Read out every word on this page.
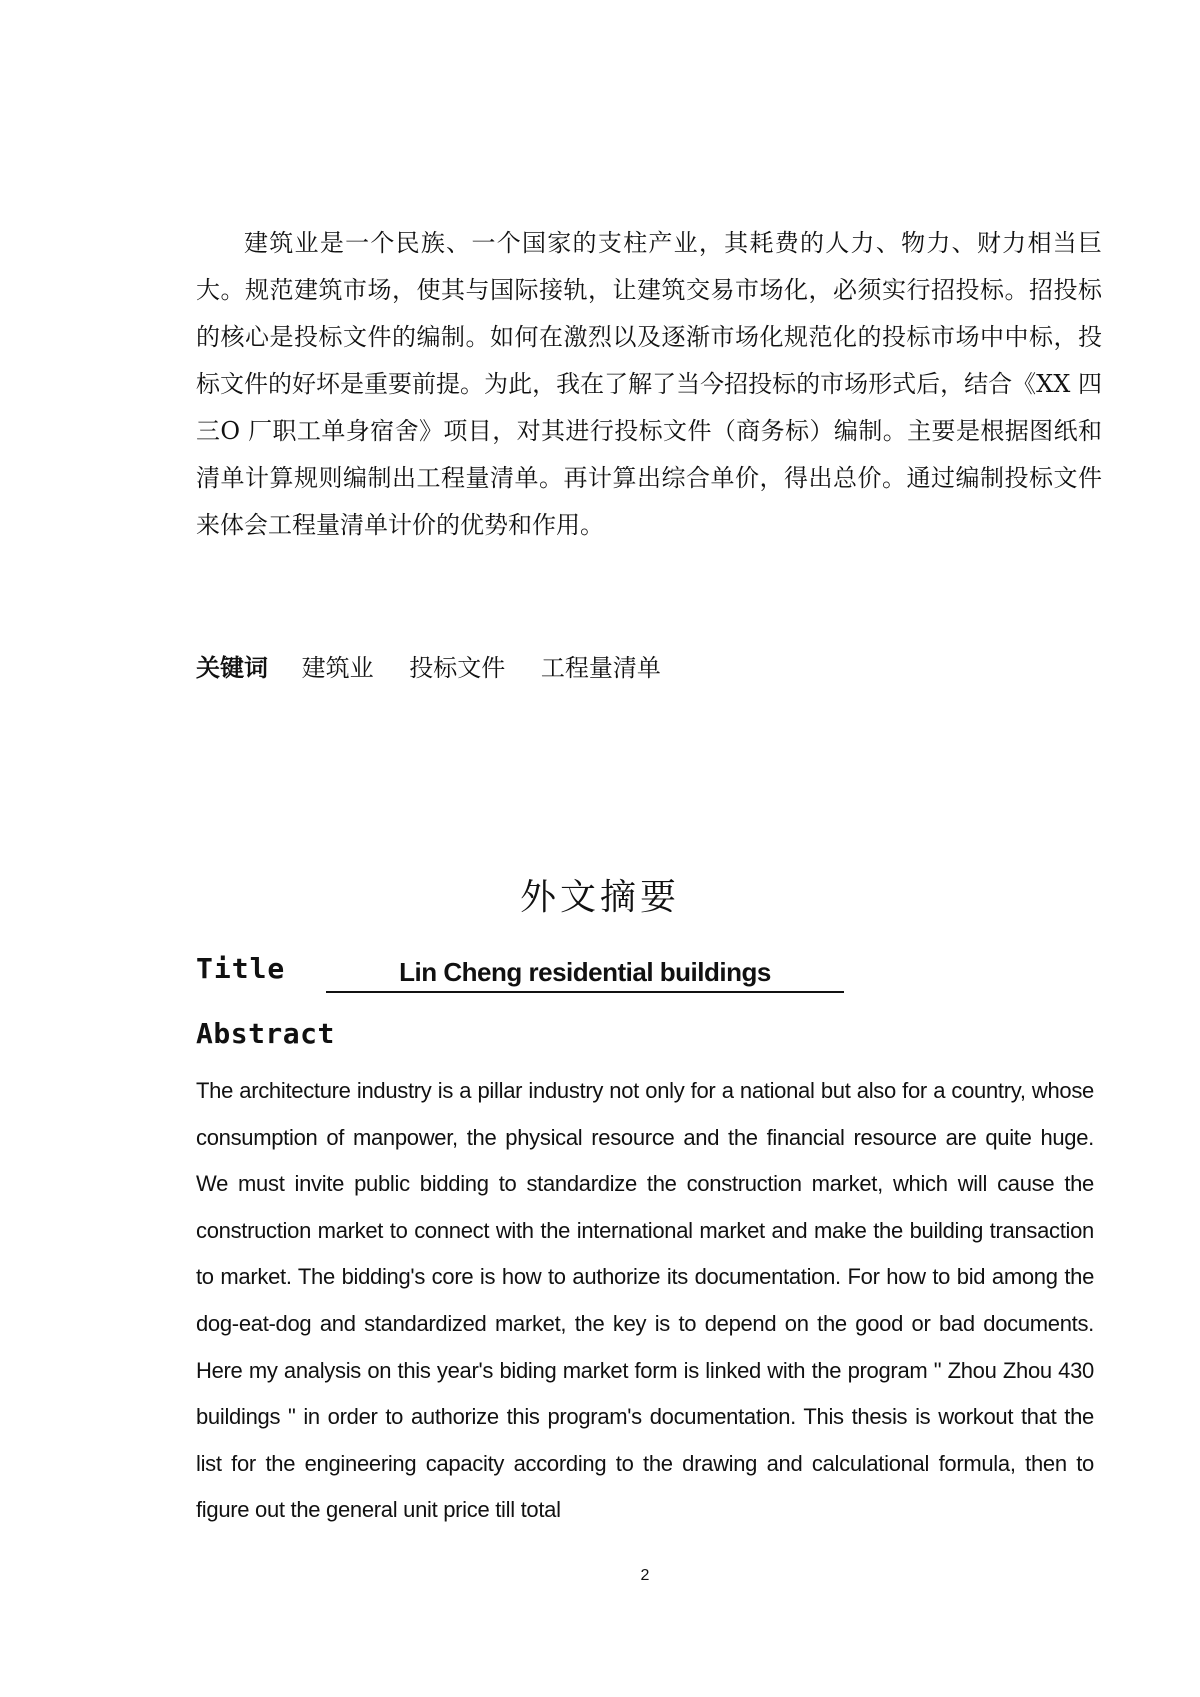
建筑业是一个民族、一个国家的支柱产业，其耗费的人力、物力、财力相当巨大。规范建筑市场，使其与国际接轨，让建筑交易市场化，必须实行招投标。招投标的核心是投标文件的编制。如何在激烈以及逐渐市场化规范化的投标市场中中标，投标文件的好坏是重要前提。为此，我在了解了当今招投标的市场形式后，结合《XX 四三O 厂职工单身宿舍》项目，对其进行投标文件（商务标）编制。主要是根据图纸和清单计算规则编制出工程量清单。再计算出综合单价，得出总价。通过编制投标文件来体会工程量清单计价的优势和作用。

关键词 建筑业 投标文件 工程量清单
外文摘要
Title	Lin Cheng residential buildings
Abstract

The architecture industry is a pillar industry not only for a national but also for a country, whose consumption of manpower, the physical resource and the financial resource are quite huge. We must invite public bidding to standardize the construction market, which will cause the construction market to connect with the international market and make the building transaction to market. The bidding's core is how to authorize its documentation. For how to bid among the dog-eat-dog and standardized market, the key is to depend on the good or bad documents. Here my analysis on this year's biding market form is linked with the program " Zhou Zhou 430 buildings " in order to authorize this program's documentation. This thesis is workout that the list for the engineering capacity according to the drawing and calculational formula, then to figure out the general unit price till total

2
